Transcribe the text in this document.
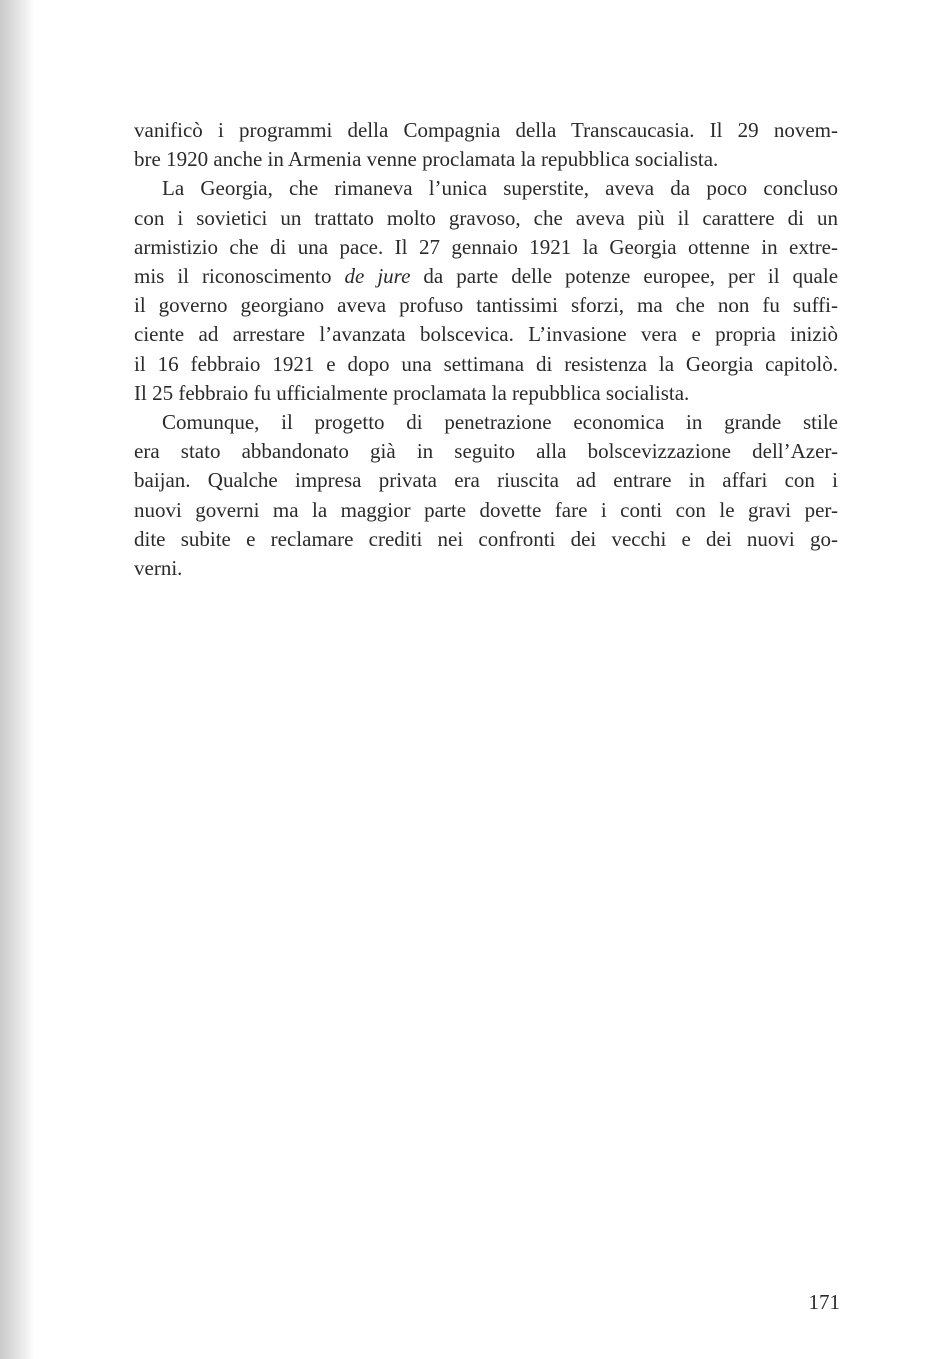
vanificò i programmi della Compagnia della Transcaucasia. Il 29 novem-
bre 1920 anche in Armenia venne proclamata la repubblica socialista.

La Georgia, che rimaneva l’unica superstite, aveva da poco concluso
con i sovietici un trattato molto gravoso, che aveva più il carattere di un
armistizio che di una pace. Il 27 gennaio 1921 la Georgia ottenne in extre-
mis il riconoscimento de jure da parte delle potenze europee, per il quale
il governo georgiano aveva profuso tantissimi sforzi, ma che non fu suffi-
ciente ad arrestare l’avanzata bolscevica. L’invasione vera e propria iniziò
il 16 febbraio 1921 e dopo una settimana di resistenza la Georgia capitolò.
Il 25 febbraio fu ufficialmente proclamata la repubblica socialista.

Comunque, il progetto di penetrazione economica in grande stile
era stato abbandonato già in seguito alla bolscevizzazione dell’Azer-
baijan. Qualche impresa privata era riuscita ad entrare in affari con i
nuovi governi ma la maggior parte dovette fare i conti con le gravi per-
dite subite e reclamare crediti nei confronti dei vecchi e dei nuovi go-
verni.

171
